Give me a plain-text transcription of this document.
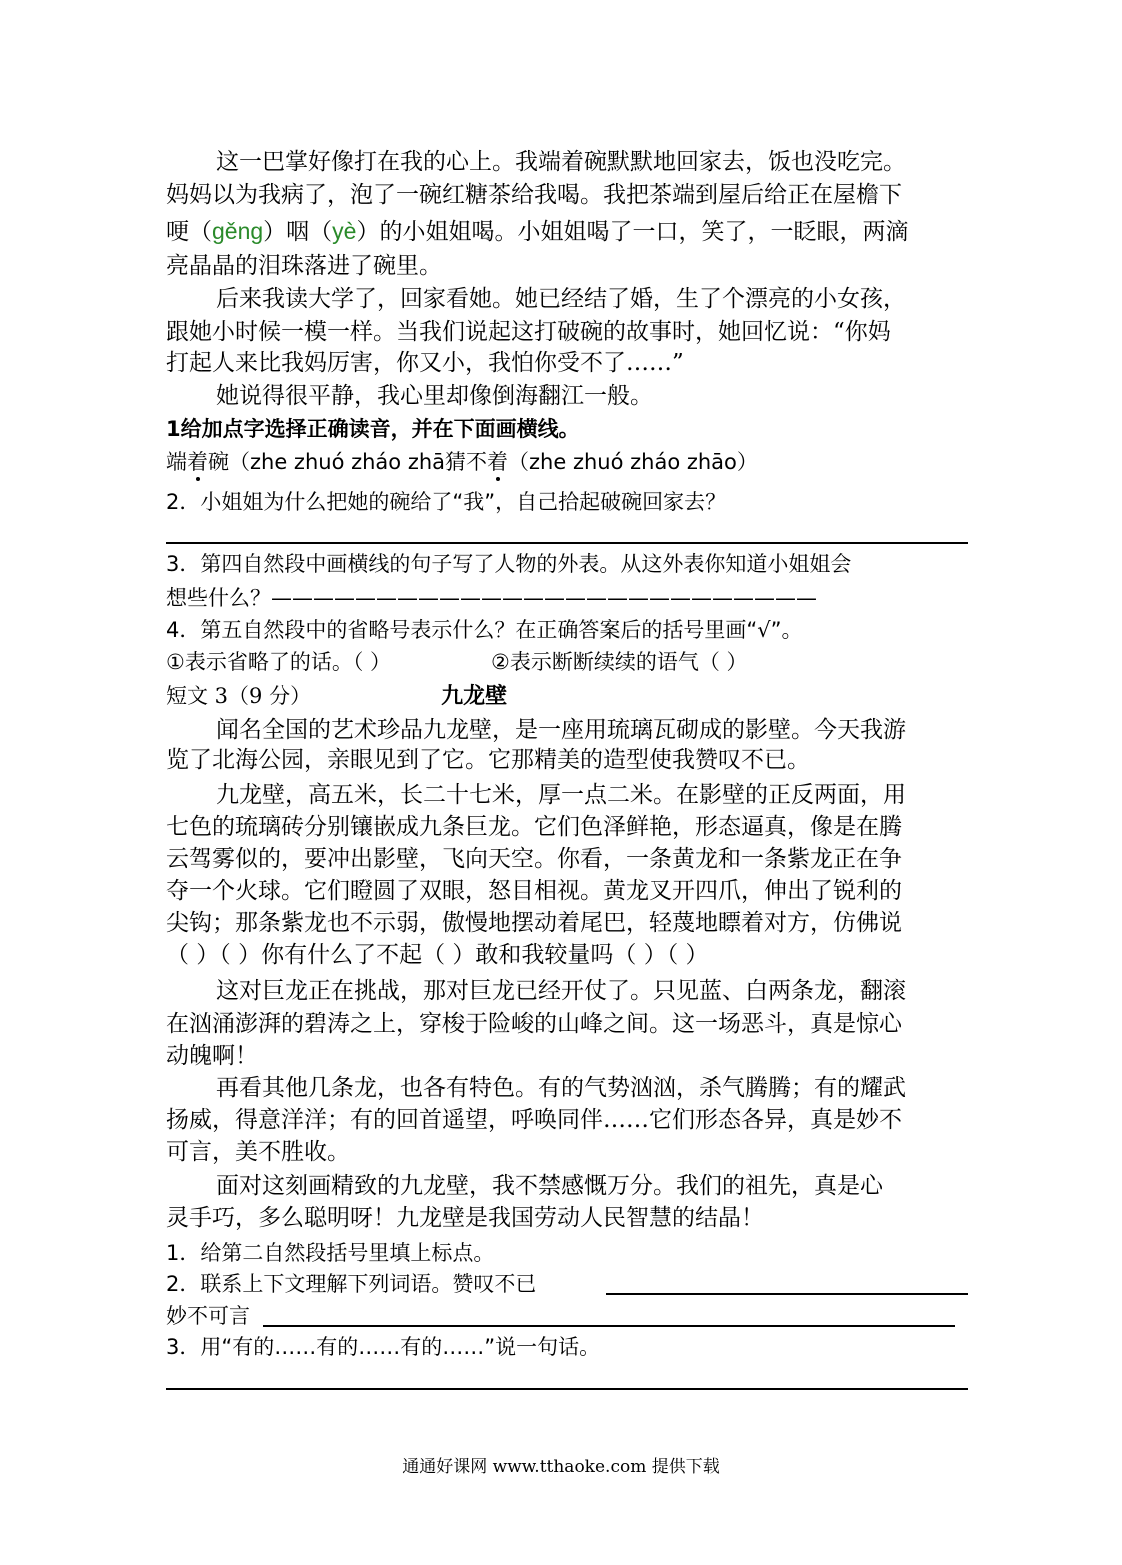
这一巴掌好像打在我的心上。我端着碗默默地回家去，饭也没吃完。
妈妈以为我病了，泡了一碗红糖茶给我喝。我把茶端到屋后给正在屋檐下
哽（gěng）咽（yè）的小姐姐喝。小姐姐喝了一口，笑了，一眨眼，两滴
亮晶晶的泪珠落进了碗里。
后来我读大学了，回家看她。她已经结了婚，生了个漂亮的小女孩，
跟她小时候一模一样。当我们说起这打破碗的故事时，她回忆说：“你妈
打起人来比我妈厉害，你又小，我怕你受不了……”
她说得很平静，我心里却像倒海翻江一般。
1给加点字选择正确读音，并在下面画横线。
端着碗（zhe zhuó zháo zhā猜不着（zhe zhuó zháo zhāo）
2．小姐姐为什么把她的碗给了“我”，自己拾起破碗回家去？
3．第四自然段中画横线的句子写了人物的外表。从这外表你知道小姐姐会
想些什么？——————————————————————————
4．第五自然段中的省略号表示什么？在正确答案后的括号里画“√”。
①表示省略了的话。（ ）	②表示断断续续的语气（ ）
短文 3（9 分）	九龙壁
闻名全国的艺术珍品九龙壁，是一座用琉璃瓦砌成的影壁。今天我游
览了北海公园，亲眼见到了它。它那精美的造型使我赞叹不已。
九龙壁，高五米，长二十七米，厚一点二米。在影壁的正反两面，用
七色的琉璃砖分别镶嵌成九条巨龙。它们色泽鲜艳，形态逼真，像是在腾
云驾雾似的，要冲出影壁，飞向天空。你看，一条黄龙和一条紫龙正在争
夺一个火球。它们瞪圆了双眼，怒目相视。黄龙叉开四爪，伸出了锐利的
尖钩；那条紫龙也不示弱，傲慢地摆动着尾巴，轻蔑地瞟着对方，仿佛说
（ ）（ ）你有什么了不起（ ）敢和我较量吗（ ）（ ）
这对巨龙正在挑战，那对巨龙已经开仗了。只见蓝、白两条龙，翻滚
在汹涌澎湃的碧涛之上，穿梭于险峻的山峰之间。这一场恶斗，真是惊心
动魄啊！
再看其他几条龙，也各有特色。有的气势汹汹，杀气腾腾；有的耀武
扬威，得意洋洋；有的回首遥望，呼唤同伴……它们形态各异，真是妙不
可言，美不胜收。
面对这刻画精致的九龙壁，我不禁感慨万分。我们的祖先，真是心
灵手巧，多么聪明呀！九龙壁是我国劳动人民智慧的结晶！
1．给第二自然段括号里填上标点。
2．联系上下文理解下列词语。赞叹不已
妙不可言
3．用“有的……有的……有的……”说一句话。
通通好课网 www.tthaoke.com 提供下载
